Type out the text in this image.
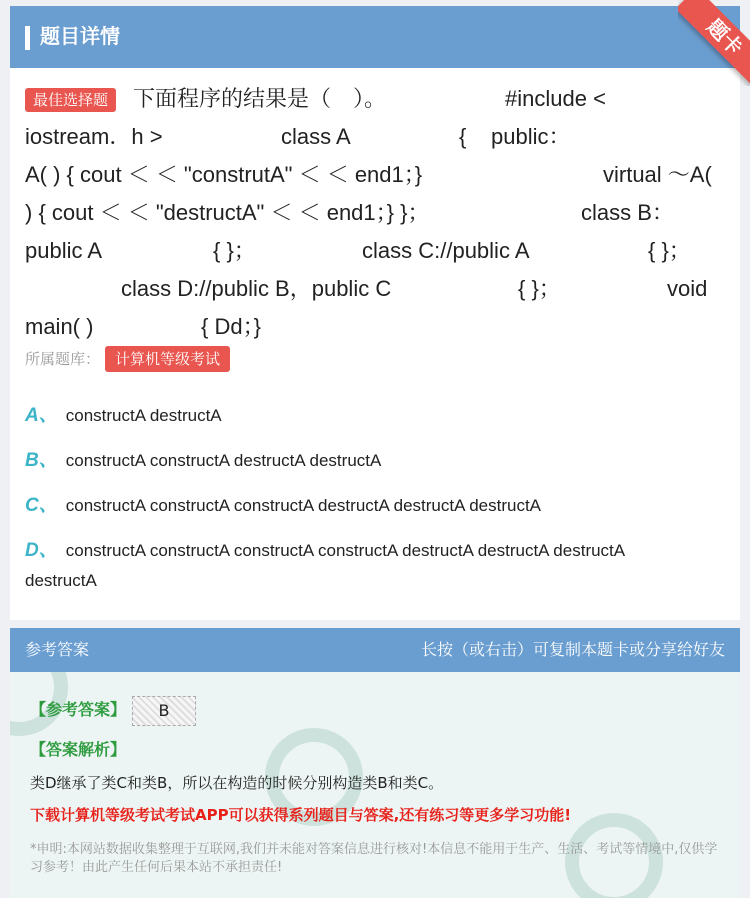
题目详情

最佳选择题

	下面程序的结果是（　）。

	#include <

iostream．h >

	class A

	{

public：

A( ) { cout ＜ ＜ "construtA" ＜ ＜ end1；}

	virtual ～A(

) { cout ＜ ＜ "destructA" ＜ ＜ end1；} }；

	class B：

public A

	{ }；

	class C://public A

	{ }；

class D://public B，public C

	{ }；

	void

main( )

	{ Dd；}

所属题库： 计算机等级考试
A、 constructA destructA
B、 constructA constructA destructA destructA
C、 constructA constructA constructA destructA destructA destructA
D、 constructA constructA constructA constructA destructA destructA destructA
destructA
题卡
参考答案	长按（或右击）可复制本题卡或分享给好友
【参考答案】	B
【答案解析】
类D继承了类C和类B，所以在构造的时候分别构造类B和类C。
下载计算机等级考试考试APP可以获得系列题目与答案,还有练习等更多学习功能!
*申明:本网站数据收集整理于互联网,我们并未能对答案信息进行核对!本信息不能用于生产、生活、考试等情境中,仅供学习参考！由此产生任何后果本站不承担责任!
